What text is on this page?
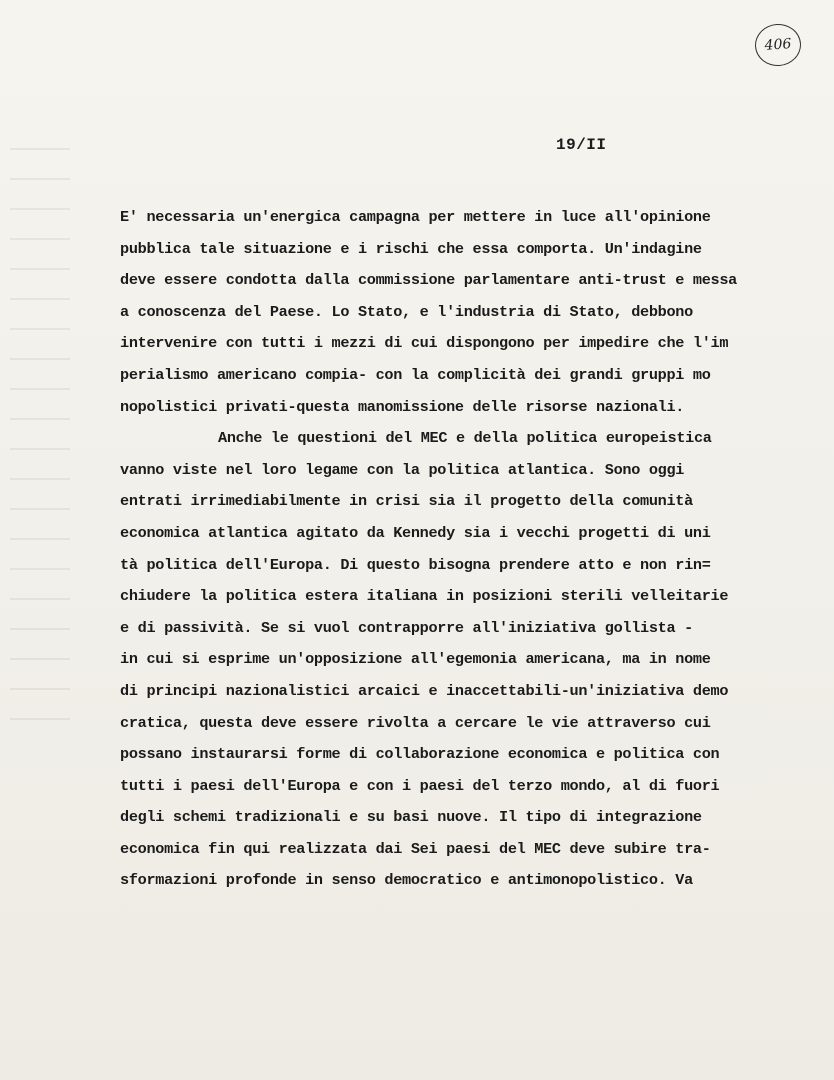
406
19/II
E' necessaria un'energica campagna per mettere in luce all'opinione
pubblica tale situazione e i rischi che essa comporta. Un'indagine
deve essere condotta dalla commissione parlamentare anti-trust e messa
a conoscenza del Paese. Lo Stato, e l'industria di Stato, debbono
intervenire con tutti i mezzi di cui dispongono per impedire che l'im
perialismo americano compia- con la complicità dei grandi gruppi mo
nopolistici privati-questa manomissione delle risorse nazionali.
Anche le questioni del MEC e della politica europeistica
vanno viste nel loro legame con la politica atlantica. Sono oggi
entrati irrimediabilmente in crisi sia il progetto della comunità
economica atlantica agitato da Kennedy sia i vecchi progetti di uni
tà politica dell'Europa. Di questo bisogna prendere atto e non rin=
chiudere la politica estera italiana in posizioni sterili velleitarie
e di passività. Se si vuol contrapporre all'iniziativa gollista -
in cui si esprime un'opposizione all'egemonia americana, ma in nome
di principi nazionalistici arcaici e inaccettabili-un'iniziativa demo
cratica, questa deve essere rivolta a cercare le vie attraverso cui
possano instaurarsi forme di collaborazione economica e politica con
tutti i paesi dell'Europa e con i paesi del terzo mondo, al di fuori
degli schemi tradizionali e su basi nuove. Il tipo di integrazione
economica fin qui realizzata dai Sei paesi del MEC deve subire tra-
sformazioni profonde in senso democratico e antimonopolistico. Va
